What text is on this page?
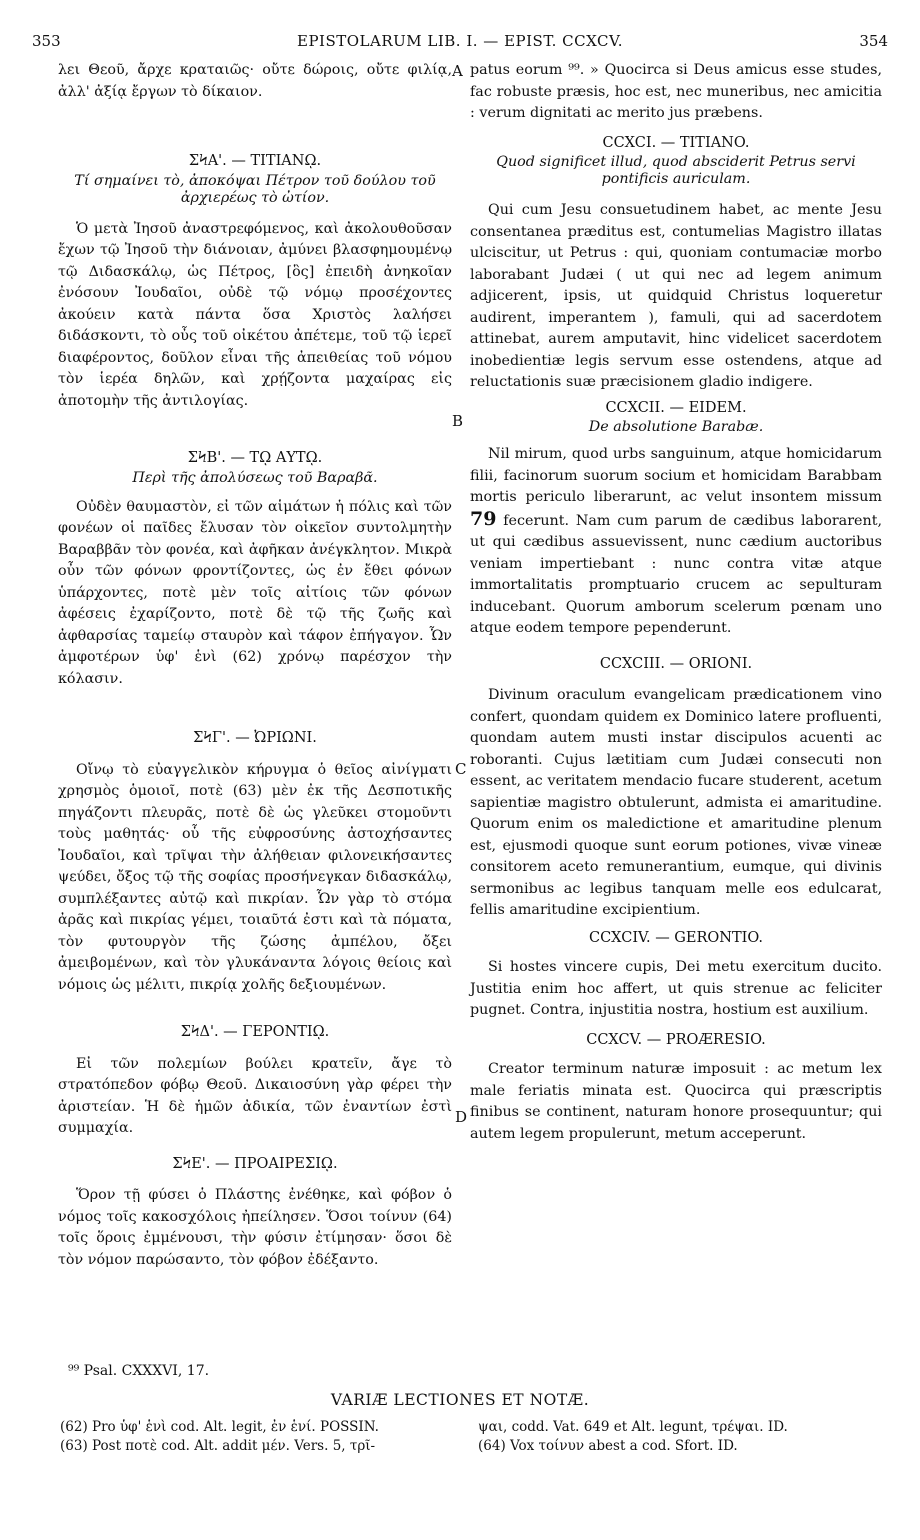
353	EPISTOLARUM LIB. I. — EPIST. CCXCV.	354

λει Θεοῦ, ἄρχε κραταιῶς· οὔτε δώροις, οὔτε φιλίᾳ, ἀλλ' ἀξίᾳ ἔργων τὸ δίκαιον.

ΣϞΑ'. — ΤΙΤΙΑΝῼ.
Τί σημαίνει τὸ, ἀποκόψαι Πέτρον τοῦ δούλου τοῦ ἀρχιερέως τὸ ὠτίον.

Ὁ μετὰ Ἰησοῦ ἀναστρεφόμενος, καὶ ἀκολουθοῦσαν ἔχων τῷ Ἰησοῦ τὴν διάνοιαν, ἀμύνει βλασφημουμένῳ τῷ Διδασκάλῳ, ὡς Πέτρος, [ὃς] ἐπειδὴ ἀνηκοῖαν ἐνόσουν Ἰουδαῖοι, οὐδὲ τῷ νόμῳ προσέχοντες ἀκούειν κατὰ πάντα ὅσα Χριστὸς λαλήσει διδάσκοντι, τὸ οὖς τοῦ οἰκέτου ἀπέτεμε, τοῦ τῷ ἱερεῖ διαφέροντος, δοῦλον εἶναι τῆς ἀπειθείας τοῦ νόμου τὸν ἱερέα δηλῶν, καὶ χρῄζοντα μαχαίρας εἰς ἀποτομὴν τῆς ἀντιλογίας.

ΣϞΒ'. — Τῼ ΑΥΤῼ.
Περὶ τῆς ἀπολύσεως τοῦ Βαραβᾶ.

Οὐδὲν θαυμαστὸν, εἰ τῶν αἱμάτων ἡ πόλις καὶ τῶν φονέων οἱ παῖδες ἔλυσαν τὸν οἰκεῖον συντολμητὴν Βαραββᾶν τὸν φονέα, καὶ ἀφῆκαν ἀνέγκλητον. Μικρὰ οὖν τῶν φόνων φροντίζοντες, ὡς ἐν ἔθει φόνων ὑπάρχοντες, ποτὲ μὲν τοῖς αἰτίοις τῶν φόνων ἀφέσεις ἐχαρίζοντο, ποτὲ δὲ τῷ τῆς ζωῆς καὶ ἀφθαρσίας ταμείῳ σταυρὸν καὶ τάφον ἐπήγαγον. Ὧν ἀμφοτέρων ὑφ' ἑνὶ (62) χρόνῳ παρέσχον τὴν κόλασιν.

ΣϞΓ'. — ὨΡΙΩΝΙ.

Οἴνῳ τὸ εὐαγγελικὸν κήρυγμα ὁ θεῖος αἰνίγματι χρησμὸς ὁμοιοῖ, ποτὲ (63) μὲν ἐκ τῆς Δεσποτικῆς πηγάζοντι πλευρᾶς, ποτὲ δὲ ὡς γλεῦκει στομοῦντι τοὺς μαθητάς· οὗ τῆς εὐφροσύνης ἀστοχήσαντες Ἰουδαῖοι, καὶ τρῖψαι τὴν ἀλήθειαν φιλονεικήσαντες ψεύδει, ὄξος τῷ τῆς σοφίας προσήνεγκαν διδασκάλῳ, συμπλέξαντες αὐτῷ καὶ πικρίαν. Ὧν γὰρ τὸ στόμα ἀρᾶς καὶ πικρίας γέμει, τοιαῦτά ἐστι καὶ τὰ πόματα, τὸν φυτουργὸν τῆς ζώσης ἀμπέλου, ὄξει ἀμειβομένων, καὶ τὸν γλυκάναντα λόγοις θείοις καὶ νόμοις ὡς μέλιτι, πικρίᾳ χολῆς δεξιουμένων.

ΣϞΔ'. — ΓΕΡΟΝΤΙῼ.

Εἰ τῶν πολεμίων βούλει κρατεῖν, ἄγε τὸ στρατόπεδον φόβῳ Θεοῦ. Δικαιοσύνη γὰρ φέρει τὴν ἀριστείαν. Ἡ δὲ ἡμῶν ἀδικία, τῶν ἐναντίων ἐστὶ συμμαχία.

ΣϞΕ'. — ΠΡΟΑΙΡΕΣΙῼ.

Ὅρον τῇ φύσει ὁ Πλάστης ἐνέθηκε, καὶ φόβον ὁ νόμος τοῖς κακοσχόλοις ἠπείλησεν. Ὅσοι τοίνυν (64) τοῖς ὅροις ἐμμένουσι, τὴν φύσιν ἐτίμησαν· ὅσοι δὲ τὸν νόμον παρώσαντο, τὸν φόβον ἐδέξαντο.

patus eorum ⁹⁹. » Quocirca si Deus amicus esse studes, fac robuste præsis, hoc est, nec muneribus, nec amicitia : verum dignitati ac merito jus præbens.

CCXCI. — TITIANO.
Quod significet illud, quod absciderit Petrus servi pontificis auriculam.

Qui cum Jesu consuetudinem habet, ac mente Jesu consentanea præditus est, contumelias Magistro illatas ulciscitur, ut Petrus : qui, quoniam contumaciæ morbo laborabant Judæi ( ut qui nec ad legem animum adjicerent, ipsis, ut quidquid Christus loqueretur audirent, imperantem ), famuli, qui ad sacerdotem attinebat, aurem amputavit, hinc videlicet sacerdotem inobedientiæ legis servum esse ostendens, atque ad reluctationis suæ præcisionem gladio indigere.

CCXCII. — EIDEM.
De absolutione Barabæ.

Nil mirum, quod urbs sanguinum, atque homicidarum filii, facinorum suorum socium et homicidam Barabbam mortis periculo liberarunt, ac velut insontem missum 79 fecerunt. Nam cum parum de cædibus laborarent, ut qui cædibus assuevissent, nunc cædium auctoribus veniam impertiebant : nunc contra vitæ atque immortalitatis promptuario crucem ac sepulturam inducebant. Quorum amborum scelerum pœnam uno atque eodem tempore pependerunt.

CCXCIII. — ORIONI.

Divinum oraculum evangelicam prædicationem vino confert, quondam quidem ex Dominico latere profluenti, quondam autem musti instar discipulos acuenti ac roboranti. Cujus lætitiam cum Judæi consecuti non essent, ac veritatem mendacio fucare studerent, acetum sapientiæ magistro obtulerunt, admista ei amaritudine. Quorum enim os maledictione et amaritudine plenum est, ejusmodi quoque sunt eorum potiones, vivæ vineæ consitorem aceto remunerantium, eumque, qui divinis sermonibus ac legibus tanquam melle eos edulcarat, fellis amaritudine excipientium.

CCXCIV. — GERONTIO.

Si hostes vincere cupis, Dei metu exercitum ducito. Justitia enim hoc affert, ut quis strenue ac feliciter pugnet. Contra, injustitia nostra, hostium est auxilium.

CCXCV. — PROÆRESIO.

Creator terminum naturæ imposuit : ac metum lex male feriatis minata est. Quocirca qui præscriptis finibus se continent, naturam honore prosequuntur; qui autem legem propulerunt, metum acceperunt.

A
B
C
D
⁹⁹ Psal. CXXXVI, 17.
VARIÆ LECTIONES ET NOTÆ.
(62) Pro ὑφ' ἑνὶ cod. Alt. legit, ἐν ἑνί. POSSIN.
(63) Post ποτὲ cod. Alt. addit μέν. Vers. 5, τρῖ-
ψαι, codd. Vat. 649 et Alt. legunt, τρέψαι. ID.
(64) Vox τοίνυν abest a cod. Sfort. ID.
